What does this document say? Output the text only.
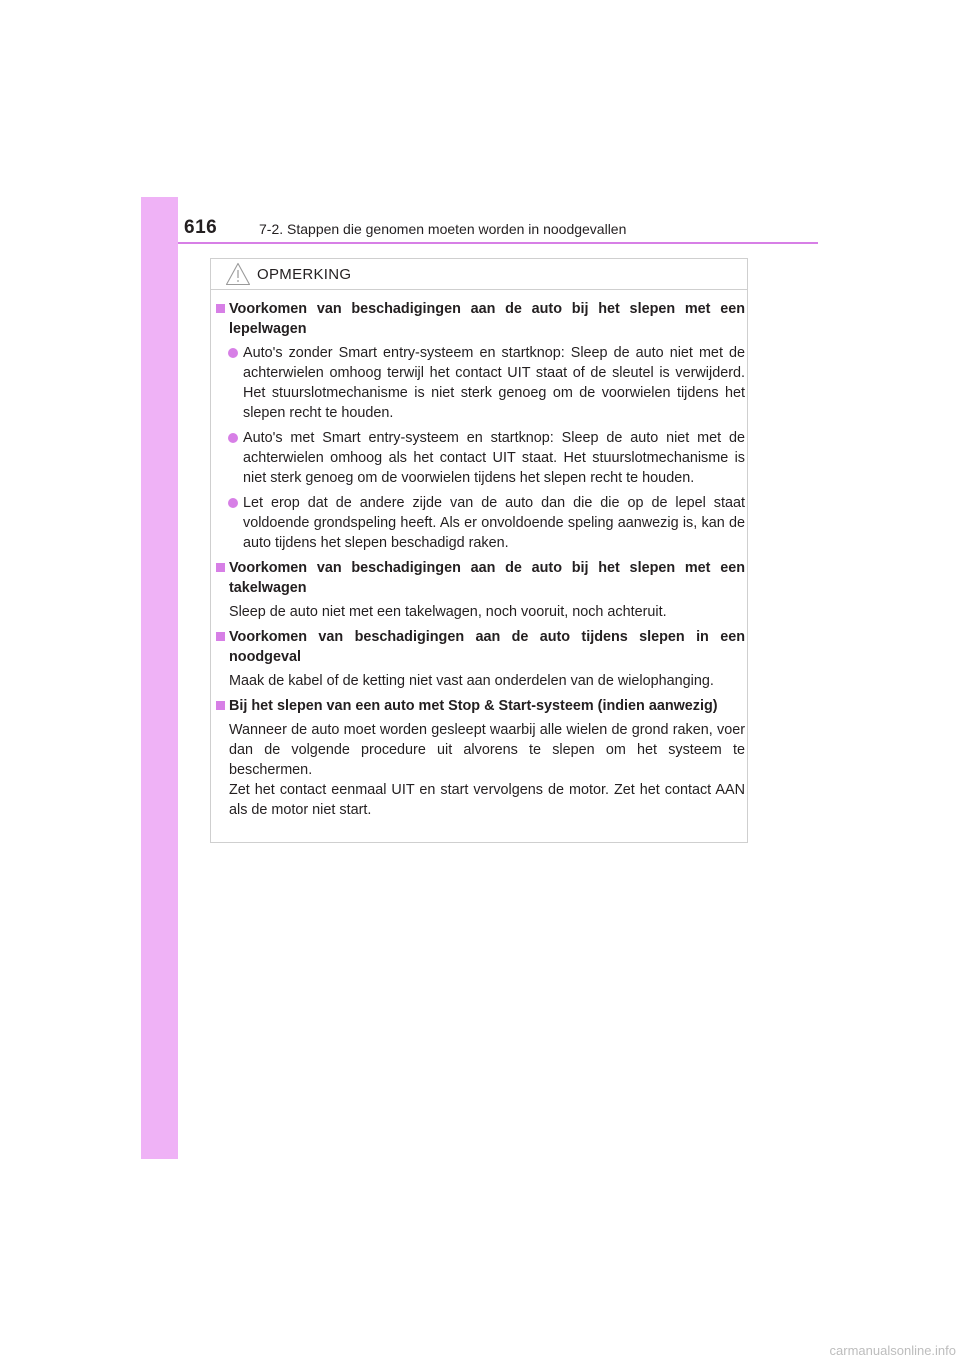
616	7-2. Stappen die genomen moeten worden in noodgevallen
OPMERKING
Voorkomen van beschadigingen aan de auto bij het slepen met een lepelwagen
Auto's zonder Smart entry-systeem en startknop: Sleep de auto niet met de achterwielen omhoog terwijl het contact UIT staat of de sleutel is verwijderd. Het stuurslotmechanisme is niet sterk genoeg om de voorwielen tijdens het slepen recht te houden.
Auto's met Smart entry-systeem en startknop: Sleep de auto niet met de achterwielen omhoog als het contact UIT staat. Het stuurslotmechanisme is niet sterk genoeg om de voorwielen tijdens het slepen recht te houden.
Let erop dat de andere zijde van de auto dan die die op de lepel staat voldoende grondspeling heeft. Als er onvoldoende speling aanwezig is, kan de auto tijdens het slepen beschadigd raken.
Voorkomen van beschadigingen aan de auto bij het slepen met een takelwagen
Sleep de auto niet met een takelwagen, noch vooruit, noch achteruit.
Voorkomen van beschadigingen aan de auto tijdens slepen in een noodgeval
Maak de kabel of de ketting niet vast aan onderdelen van de wielophanging.
Bij het slepen van een auto met Stop & Start-systeem (indien aanwezig)
Wanneer de auto moet worden gesleept waarbij alle wielen de grond raken, voer dan de volgende procedure uit alvorens te slepen om het systeem te beschermen.
Zet het contact eenmaal UIT en start vervolgens de motor. Zet het contact AAN als de motor niet start.
carmanualsonline.info
